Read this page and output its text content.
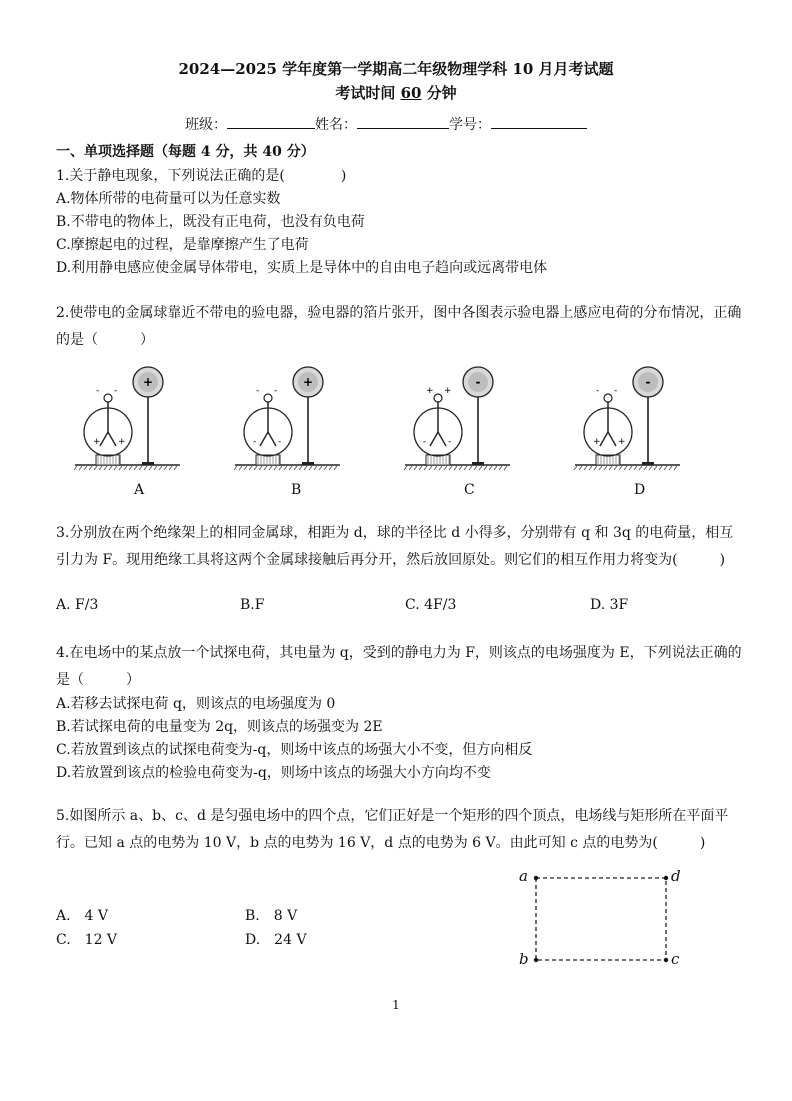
2024—2025 学年度第一学期高二年级物理学科 10 月月考试题
考试时间 60 分钟
班级：	姓名：	学号：
一、单项选择题（每题 4 分，共 40 分）
1.关于静电现象，下列说法正确的是(　　　　)
A.物体所带的电荷量可以为任意实数
B.不带电的物体上，既没有正电荷，也没有负电荷
C.摩擦起电的过程，是靠摩擦产生了电荷
D.利用静电感应使金属导体带电，实质上是导体中的自由电子趋向或远离带电体
2.使带电的金属球靠近不带电的验电器，验电器的箔片张开，图中各图表示验电器上感应电荷的分布情况，正确的是（　　　）
- -
+ +
+
- -
- -
+
+ +
- -
-
- -
+ +
-
A	B	C	D
3.分别放在两个绝缘架上的相同金属球，相距为 d，球的半径比 d 小得多，分别带有 q 和 3q 的电荷量，相互引力为 F。现用绝缘工具将这两个金属球接触后再分开，然后放回原处。则它们的相互作用力将变为(　　　)
A. F/3	B.F	C. 4F/3	D. 3F
4.在电场中的某点放一个试探电荷，其电量为 q，受到的静电力为 F，则该点的电场强度为 E，下列说法正确的是（　　　）
A.若移去试探电荷 q，则该点的电场强度为 0
B.若试探电荷的电量变为 2q，则该点的场强变为 2E
C.若放置到该点的试探电荷变为-q，则场中该点的场强大小不变，但方向相反
D.若放置到该点的检验电荷变为-q，则场中该点的场强大小方向均不变
5.如图所示 a、b、c、d 是匀强电场中的四个点，它们正好是一个矩形的四个顶点，电场线与矩形所在平面平行。已知 a 点的电势为 10 V，b 点的电势为 16 V，d 点的电势为 6 V。由此可知 c 点的电势为(　　　)
A.　4 V	B.　8 V
C.　12 V	D.　24 V
a
b	c
d
1
